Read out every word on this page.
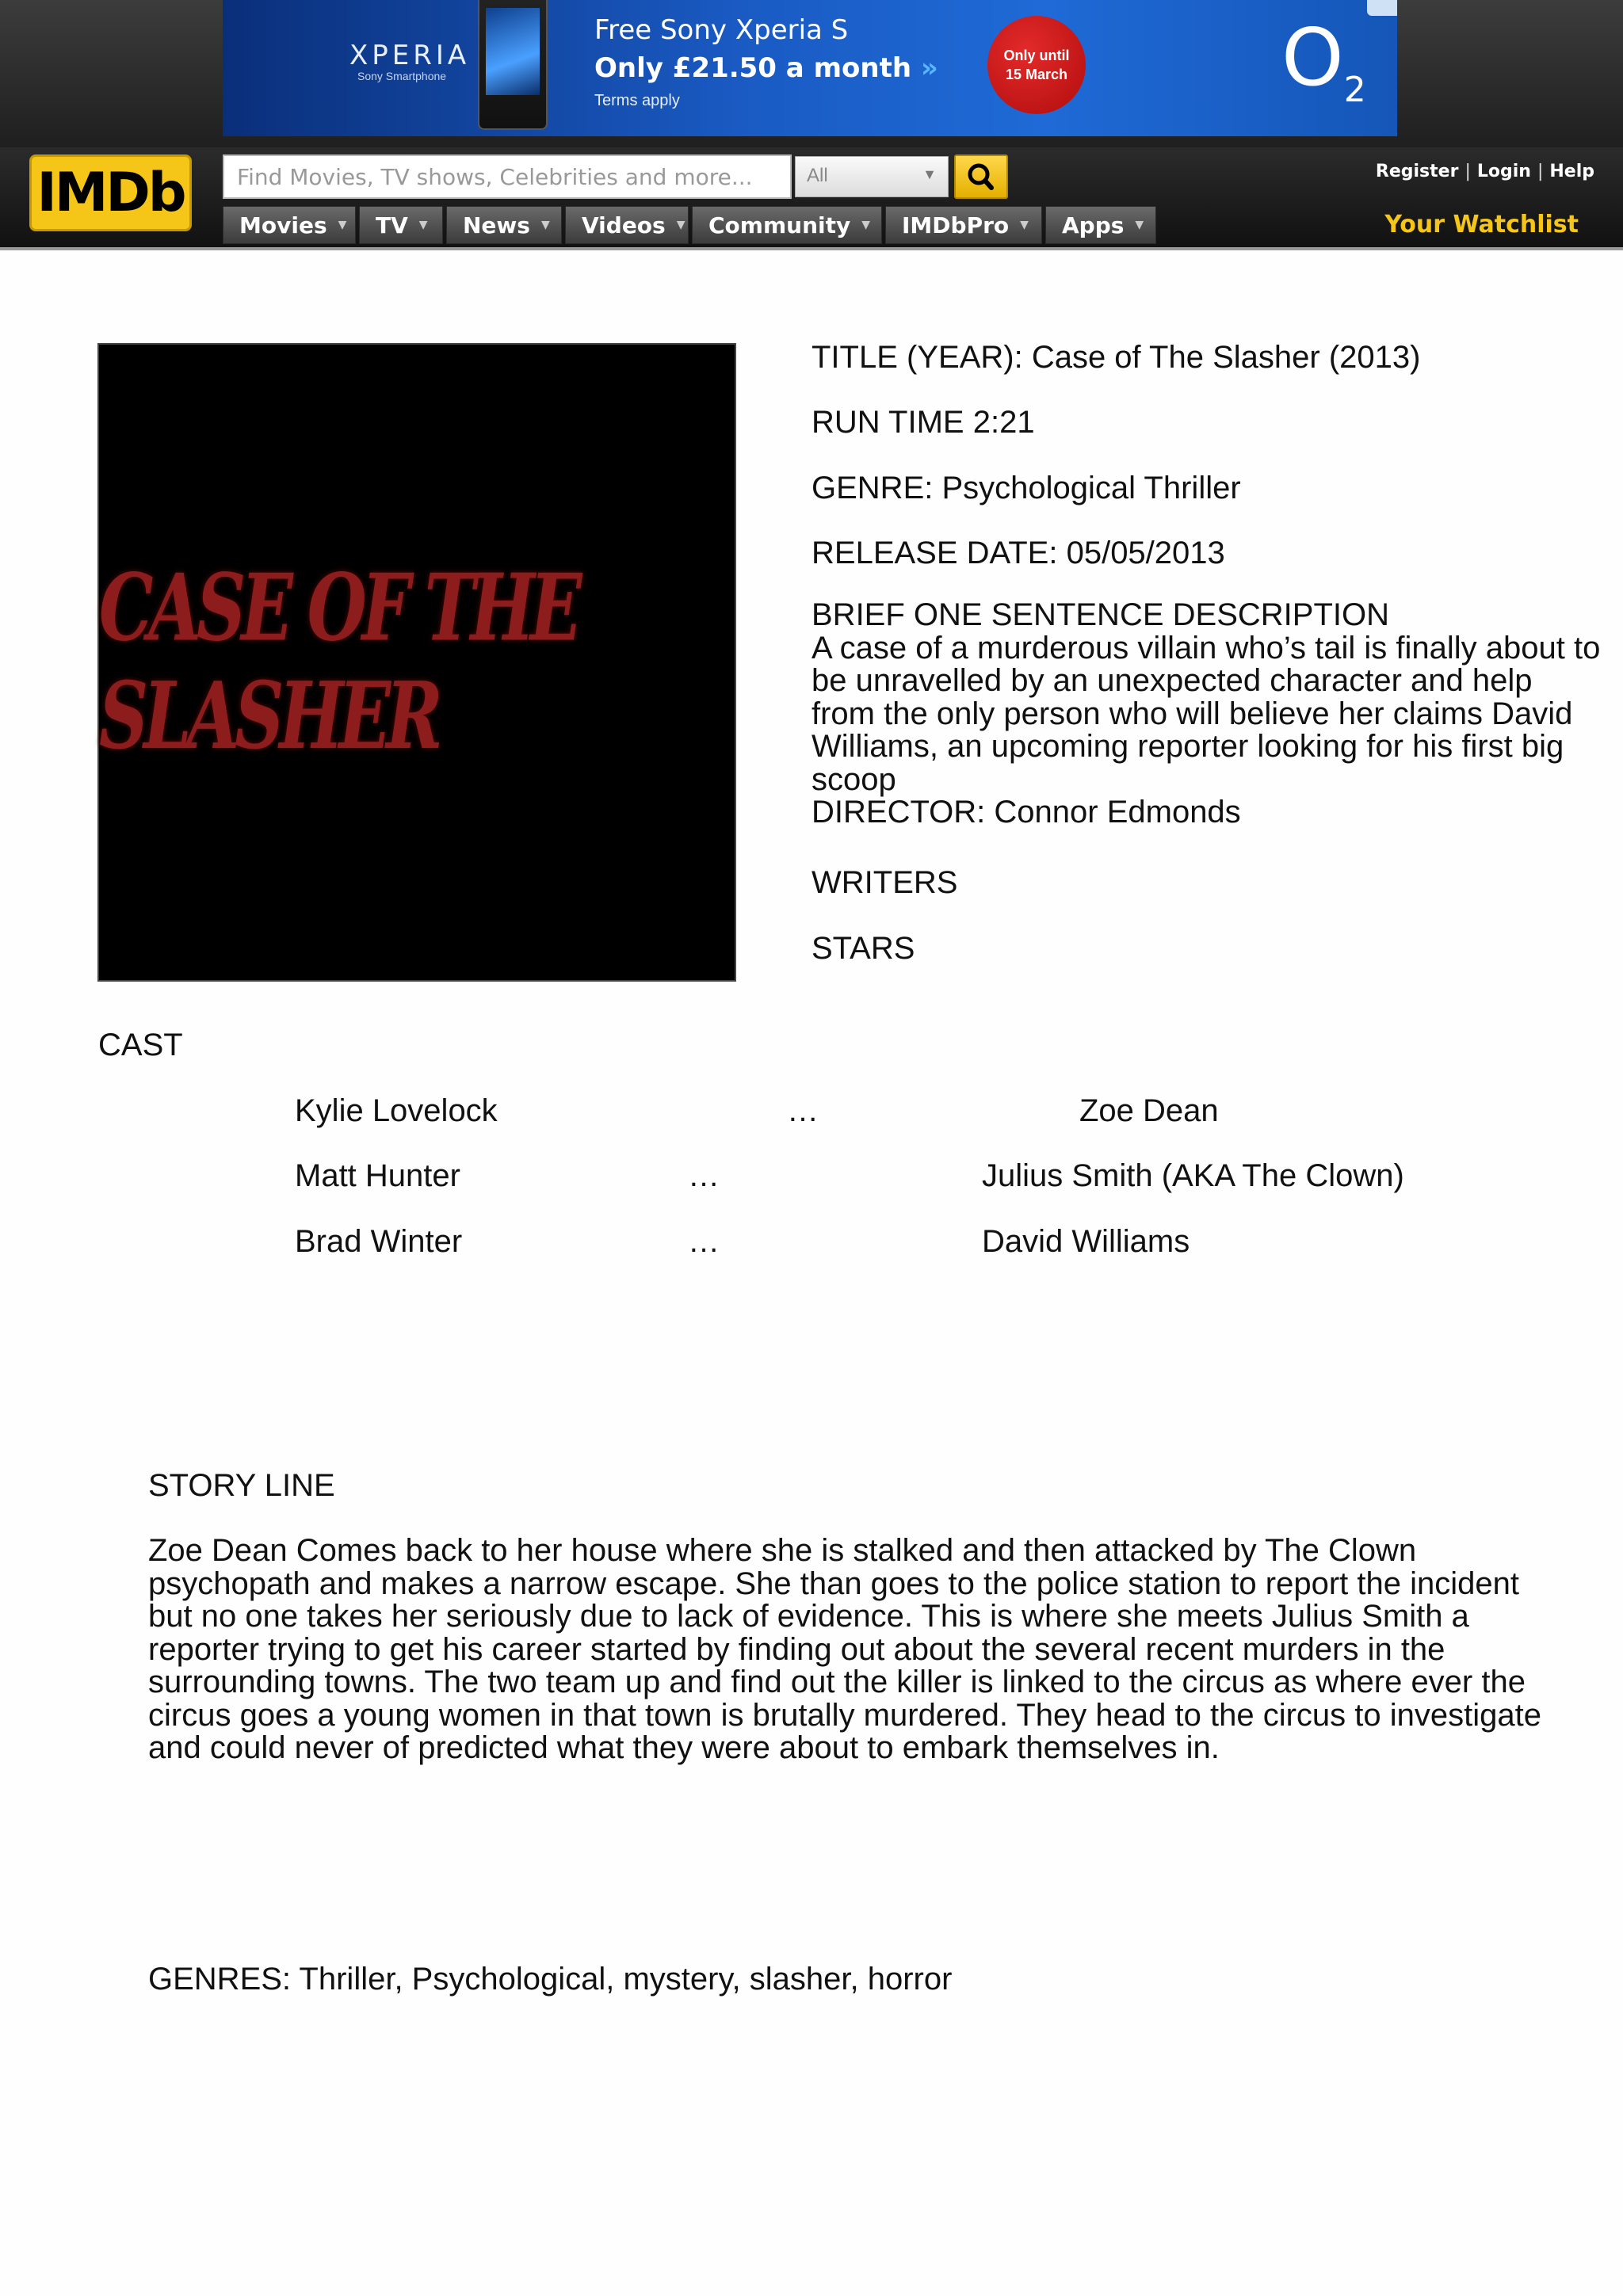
XPERIA
Sony Smartphone
Free Sony Xperia S
Only £21.50 a month »
Terms apply
Only until
15 March	$O_2$
IMDb
Find Movies, TV shows, Celebrities and more...	All	▼
Movies ▼ TV ▼ News ▼ Videos ▼ Community ▼ IMDbPro ▼ Apps ▼
Register | Login | Help
Your Watchlist
CASE OF THE SLASHER
TITLE (YEAR): Case of The Slasher (2013)
RUN TIME 2:21
GENRE: Psychological Thriller
RELEASE DATE: 05/05/2013
BRIEF ONE SENTENCE DESCRIPTION
A case of a murderous villain who’s tail is finally about to be unravelled by an unexpected character and help from the only person who will believe her claims David Williams, an upcoming reporter looking for his first big scoop
DIRECTOR: Connor Edmonds
WRITERS
STARS
CAST
Kylie Lovelock	…	Zoe Dean
Matt Hunter	…	Julius Smith (AKA The Clown)
Brad Winter	…	David Williams
STORY LINE
Zoe Dean Comes back to her house where she is stalked and then attacked by The Clown psychopath and makes a narrow escape. She than goes to the police station to report the incident but no one takes her seriously due to lack of evidence. This is where she meets Julius Smith a reporter trying to get his career started by finding out about the several recent murders in the surrounding towns. The two team up and find out the killer is linked to the circus as where ever the circus goes a young women in that town is brutally murdered. They head to the circus to investigate and could never of predicted what they were about to embark themselves in.
GENRES: Thriller, Psychological, mystery, slasher, horror
